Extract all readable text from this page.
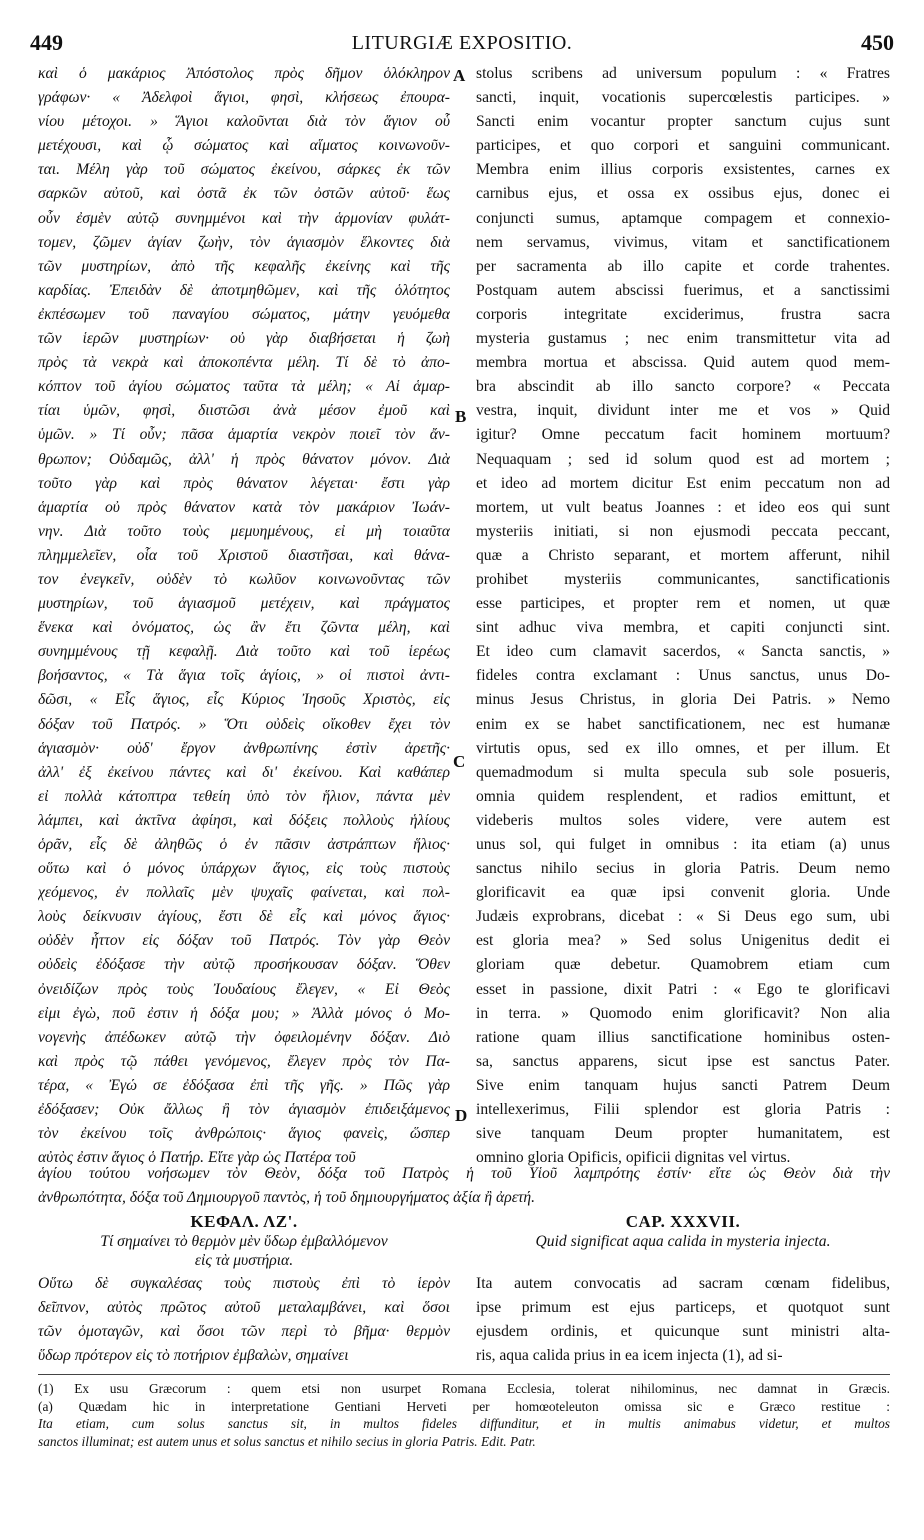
449	LITURGIÆ EXPOSITIO.	450
καὶ ὁ μακάριος Ἀπόστολος πρὸς δῆμον ὁλόκληρον
γράφων· « Ἀδελφοὶ ἅγιοι, φησὶ, κλήσεως ἐπουρα-
νίου μέτοχοι. » Ἅγιοι καλοῦνται διὰ τὸν ἅγιον οὗ
μετέχουσι, καὶ ᾧ σώματος καὶ αἵματος κοινωνοῦν-
ται. Μέλη γὰρ τοῦ σώματος ἐκείνου, σάρκες ἐκ τῶν
σαρκῶν αὐτοῦ, καὶ ὀστᾶ ἐκ τῶν ὀστῶν αὐτοῦ· ἕως
οὖν ἐσμὲν αὐτῷ συνημμένοι καὶ τὴν ἁρμονίαν φυλάτ-
τομεν, ζῶμεν ἁγίαν ζωὴν, τὸν ἁγιασμὸν ἕλκοντες διὰ
τῶν μυστηρίων, ἀπὸ τῆς κεφαλῆς ἐκείνης καὶ τῆς
καρδίας. Ἐπειδὰν δὲ ἀποτμηθῶμεν, καὶ τῆς ὁλότητος
ἐκπέσωμεν τοῦ παναγίου σώματος, μάτην γευόμεθα
τῶν ἱερῶν μυστηρίων· οὐ γὰρ διαβήσεται ἡ ζωὴ
πρὸς τὰ νεκρὰ καὶ ἀποκοπέντα μέλη. Τί δὲ τὸ ἀπο-
κόπτον τοῦ ἁγίου σώματος ταῦτα τὰ μέλη; « Αἱ ἁμαρ-
τίαι ὑμῶν, φησὶ, διιστῶσι ἀνὰ μέσον ἐμοῦ καὶ
ὑμῶν. » Τί οὖν; πᾶσα ἁμαρτία νεκρὸν ποιεῖ τὸν ἄν-
θρωπον; Οὐδαμῶς, ἀλλ' ἡ πρὸς θάνατον μόνον. Διὰ
τοῦτο γὰρ καὶ πρὸς θάνατον λέγεται· ἔστι γὰρ
ἁμαρτία οὐ πρὸς θάνατον κατὰ τὸν μακάριον Ἰωάν-
νην. Διὰ τοῦτο τοὺς μεμυημένους, εἰ μὴ τοιαῦτα
πλημμελεῖεν, οἷα τοῦ Χριστοῦ διαστῆσαι, καὶ θάνα-
τον ἐνεγκεῖν, οὐδὲν τὸ κωλῦον κοινωνοῦντας τῶν
μυστηρίων, τοῦ ἁγιασμοῦ μετέχειν, καὶ πράγματος
ἕνεκα καὶ ὀνόματος, ὡς ἂν ἔτι ζῶντα μέλη, καὶ
συνημμένους τῇ κεφαλῇ. Διὰ τοῦτο καὶ τοῦ ἱερέως
βοήσαντος, « Τὰ ἅγια τοῖς ἁγίοις, » οἱ πιστοὶ ἀντι-
δῶσι, « Εἷς ἅγιος, εἷς Κύριος Ἰησοῦς Χριστὸς, εἰς
δόξαν τοῦ Πατρός. » Ὅτι οὐδεὶς οἴκοθεν ἔχει τὸν
ἁγιασμὸν· οὐδ' ἔργον ἀνθρωπίνης ἐστὶν ἀρετῆς·
ἀλλ' ἐξ ἐκείνου πάντες καὶ δι' ἐκείνου. Καὶ καθάπερ
εἰ πολλὰ κάτοπτρα τεθείη ὑπὸ τὸν ἥλιον, πάντα μὲν
λάμπει, καὶ ἀκτῖνα ἀφίησι, καὶ δόξεις πολλοὺς ἡλίους
ὁρᾶν, εἷς δὲ ἀληθῶς ὁ ἐν πᾶσιν ἀστράπτων ἥλιος·
οὕτω καὶ ὁ μόνος ὑπάρχων ἅγιος, εἰς τοὺς πιστοὺς
χεόμενος, ἐν πολλαῖς μὲν ψυχαῖς φαίνεται, καὶ πολ-
λοὺς δείκνυσιν ἁγίους, ἔστι δὲ εἷς καὶ μόνος ἅγιος·
οὐδὲν ἧττον εἰς δόξαν τοῦ Πατρός. Τὸν γὰρ Θεὸν
οὐδεὶς ἐδόξασε τὴν αὐτῷ προσήκουσαν δόξαν. Ὅθεν
ὀνειδίζων πρὸς τοὺς Ἰουδαίους ἔλεγεν, « Εἰ Θεὸς
εἰμι ἐγὼ, ποῦ ἐστιν ἡ δόξα μου; » Ἀλλὰ μόνος ὁ Μο-
νογενὴς ἀπέδωκεν αὐτῷ τὴν ὀφειλομένην δόξαν. Διὸ
καὶ πρὸς τῷ πάθει γενόμενος, ἔλεγεν πρὸς τὸν Πα-
τέρα, « Ἐγώ σε ἐδόξασα ἐπὶ τῆς γῆς. » Πῶς γὰρ
ἐδόξασεν; Οὐκ ἄλλως ἢ τὸν ἁγιασμὸν ἐπιδειξάμενος
τὸν ἐκείνου τοῖς ἀνθρώποις· ἅγιος φανεὶς, ὥσπερ
αὐτὸς ἐστιν ἅγιος ὁ Πατήρ. Εἴτε γὰρ ὡς Πατέρα τοῦ
stolus scribens ad universum populum : « Fratres
sancti, inquit, vocationis supercœlestis participes. »
Sancti enim vocantur propter sanctum cujus sunt
participes, et quo corpori et sanguini communicant.
Membra enim illius corporis exsistentes, carnes ex
carnibus ejus, et ossa ex ossibus ejus, donec ei
conjuncti sumus, aptamque compagem et connexio-
nem servamus, vivimus, vitam et sanctificationem
per sacramenta ab illo capite et corde trahentes.
Postquam autem abscissi fuerimus, et a sanctissimi
corporis integritate exciderimus, frustra sacra
mysteria gustamus ; nec enim transmittetur vita ad
membra mortua et abscissa. Quid autem quod mem-
bra abscindit ab illo sancto corpore? « Peccata
vestra, inquit, dividunt inter me et vos » Quid
igitur? Omne peccatum facit hominem mortuum?
Nequaquam ; sed id solum quod est ad mortem ;
et ideo ad mortem dicitur Est enim peccatum non ad
mortem, ut vult beatus Joannes : et ideo eos qui sunt
mysteriis initiati, si non ejusmodi peccata peccant,
quæ a Christo separant, et mortem afferunt, nihil
prohibet mysteriis communicantes, sanctificationis
esse participes, et propter rem et nomen, ut quæ
sint adhuc viva membra, et capiti conjuncti sint.
Et ideo cum clamavit sacerdos, « Sancta sanctis, »
fideles contra exclamant : Unus sanctus, unus Do-
minus Jesus Christus, in gloria Dei Patris. » Nemo
enim ex se habet sanctificationem, nec est humanæ
virtutis opus, sed ex illo omnes, et per illum. Et
quemadmodum si multa specula sub sole posueris,
omnia quidem resplendent, et radios emittunt, et
videberis multos soles videre, vere autem est
unus sol, qui fulget in omnibus : ita etiam (a) unus
sanctus nihilo secius in gloria Patris. Deum nemo
glorificavit ea quæ ipsi convenit gloria. Unde
Judæis exprobrans, dicebat : « Si Deus ego sum, ubi
est gloria mea? » Sed solus Unigenitus dedit ei
gloriam quæ debetur. Quamobrem etiam cum
esset in passione, dixit Patri : « Ego te glorificavi
in terra. » Quomodo enim glorificavit? Non alia
ratione quam illius sanctificatione hominibus osten-
sa, sanctus apparens, sicut ipse est sanctus Pater.
Sive enim tanquam hujus sancti Patrem Deum
intellexerimus, Filii splendor est gloria Patris :
sive tanquam Deum propter humanitatem, est
omnino gloria Opificis, opificii dignitas vel virtus.
A
B
C
D
ἁγίου τούτου νοήσωμεν τὸν Θεὸν, δόξα τοῦ Πατρὸς ἡ τοῦ Υἱοῦ λαμπρότης ἐστίν· εἴτε ὡς Θεὸν διὰ τὴν
ἀνθρωπότητα, δόξα τοῦ Δημιουργοῦ παντὸς, ἡ τοῦ δημιουργήματος ἀξία ἢ ἀρετή.
ΚΕΦΑΛ. ΛΖ'.
Τί σημαίνει τὸ θερμὸν μὲν ὕδωρ ἐμβαλλόμενον
εἰς τὰ μυστήρια.
CAP. XXXVII.
Quid significat aqua calida in mysteria injecta.
Οὕτω δὲ συγκαλέσας τοὺς πιστοὺς ἐπὶ τὸ ἱερὸν
δεῖπνον, αὐτὸς πρῶτος αὐτοῦ μεταλαμβάνει, καὶ ὅσοι
τῶν ὁμοταγῶν, καὶ ὅσοι τῶν περὶ τὸ βῆμα· θερμὸν
ὕδωρ πρότερον εἰς τὸ ποτήριον ἐμβαλὼν, σημαίνει
Ita autem convocatis ad sacram cœnam fidelibus,
ipse primum est ejus particeps, et quotquot sunt
ejusdem ordinis, et quicunque sunt ministri alta-
ris, aqua calida prius in ea icem injecta (1), ad si-
(1) Ex usu Græcorum : quem etsi non usurpet Romana Ecclesia, tolerat nihilominus, nec damnat in Græcis.
(a) Quædam hic in interpretatione Gentiani Herveti per homœoteleuton omissa sic e Græco restitue :
Ita etiam, cum solus sanctus sit, in multos fideles diffunditur, et in multis animabus videtur, et multos
sanctos illuminat; est autem unus et solus sanctus et nihilo secius in gloria Patris. Edit. Patr.
